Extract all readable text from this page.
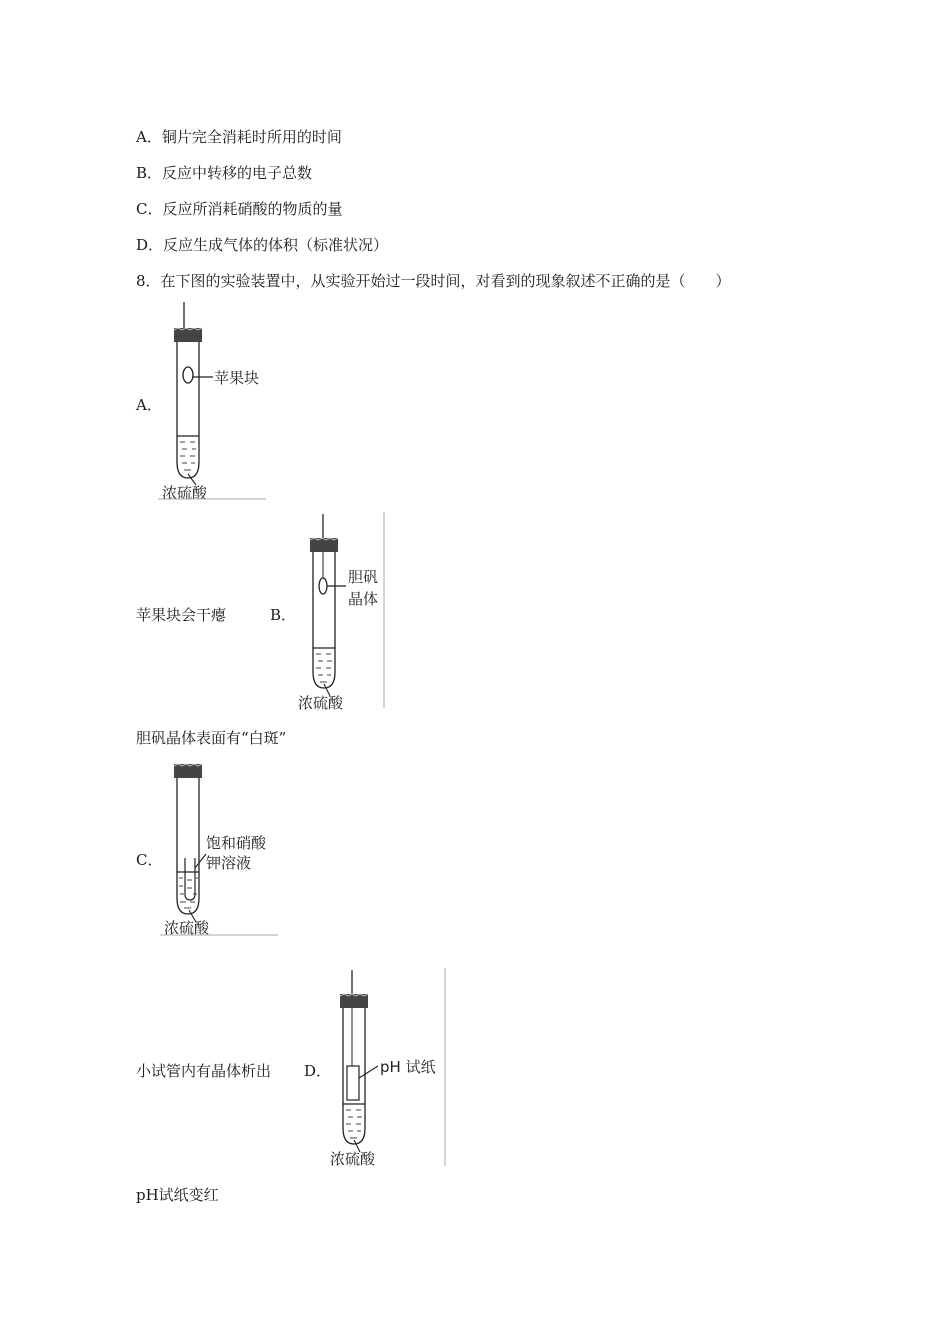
A．铜片完全消耗时所用的时间
B．反应中转移的电子总数
C．反应所消耗硝酸的物质的量
D．反应生成气体的体积（标准状况）
8．在下图的实验装置中，从实验开始过一段时间，对看到的现象叙述不正确的是（　　）
A．
苹果块
浓硫酸
苹果块会干瘪	B．
胆矾
晶体
浓硫酸
胆矾晶体表面有“白斑”
C．
饱和硝酸
钾溶液
浓硫酸
小试管内有晶体析出 D．	pH 试纸
浓硫酸
pH试纸变红
